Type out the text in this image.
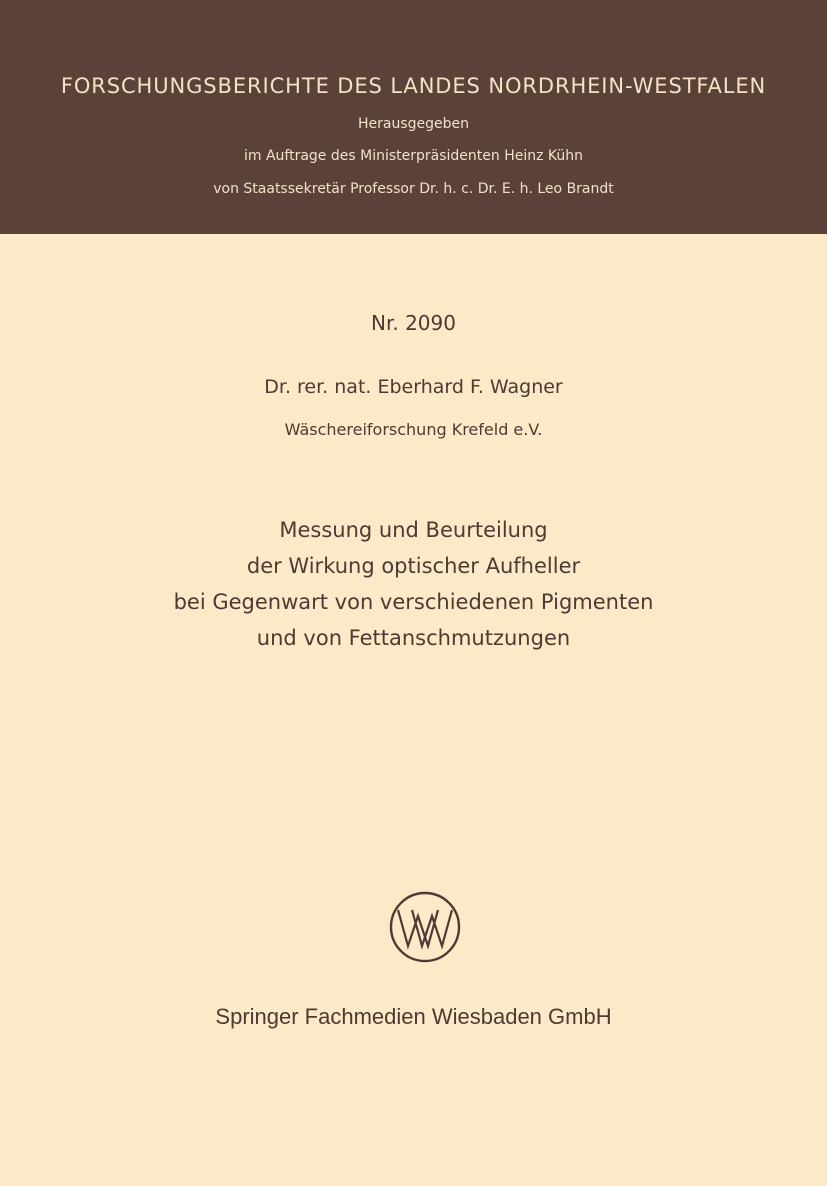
FORSCHUNGSBERICHTE DES LANDES NORDRHEIN-WESTFALEN
Herausgegeben
im Auftrage des Ministerpräsidenten Heinz Kühn
von Staatssekretär Professor Dr. h. c. Dr. E. h. Leo Brandt
Nr. 2090
Dr. rer. nat. Eberhard F. Wagner
Wäschereiforschung Krefeld e.V.
Messung und Beurteilung
der Wirkung optischer Aufheller
bei Gegenwart von verschiedenen Pigmenten
und von Fettanschmutzungen
Springer Fachmedien Wiesbaden GmbH
